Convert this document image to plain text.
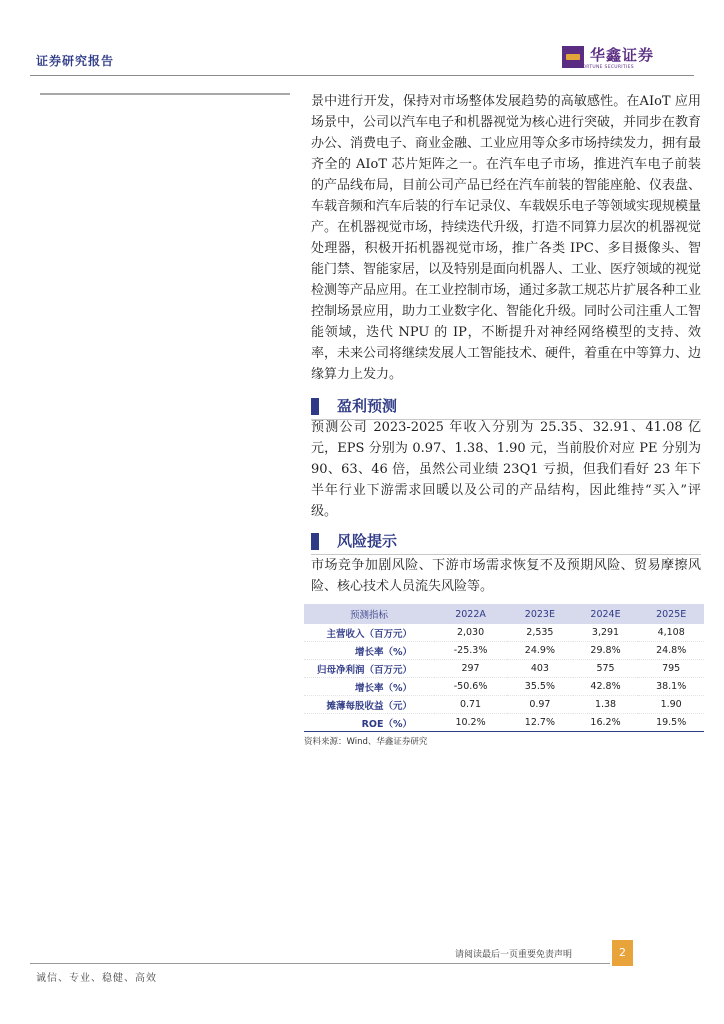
证券研究报告	华鑫证券
CHINA FORTUNE SECURITIES
景中进行开发，保持对市场整体发展趋势的高敏感性。在AIoT 应用场景中，公司以汽车电子和机器视觉为核心进行突破，并同步在教育办公、消费电子、商业金融、工业应用等众多市场持续发力，拥有最齐全的 AIoT 芯片矩阵之一。在汽车电子市场，推进汽车电子前装的产品线布局，目前公司产品已经在汽车前装的智能座舱、仪表盘、车载音频和汽车后装的行车记录仪、车载娱乐电子等领域实现规模量产。在机器视觉市场，持续迭代升级，打造不同算力层次的机器视觉处理器，积极开拓机器视觉市场，推广各类 IPC、多目摄像头、智能门禁、智能家居，以及特别是面向机器人、工业、医疗领域的视觉检测等产品应用。在工业控制市场，通过多款工规芯片扩展各种工业控制场景应用，助力工业数字化、智能化升级。同时公司注重人工智能领域，迭代 NPU 的 IP，不断提升对神经网络模型的支持、效率，未来公司将继续发展人工智能技术、硬件，着重在中等算力、边缘算力上发力。
盈利预测
预测公司 2023-2025 年收入分别为 25.35、32.91、41.08 亿元，EPS 分别为 0.97、1.38、1.90 元，当前股价对应 PE 分别为 90、63、46 倍，虽然公司业绩 23Q1 亏损，但我们看好 23 年下半年行业下游需求回暖以及公司的产品结构，因此维持“买入”评级。
风险提示
市场竞争加剧风险、下游市场需求恢复不及预期风险、贸易摩擦风险、核心技术人员流失风险等。
预测指标	2022A	2023E	2024E	2025E
主营收入（百万元）	2,030	2,535	3,291	4,108
增长率（%）	-25.3%	24.9%	29.8%	24.8%
归母净利润（百万元）	297	403	575	795
增长率（%）	-50.6%	35.5%	42.8%	38.1%
摊薄每股收益（元）	0.71	0.97	1.38	1.90
ROE（%）	10.2%	12.7%	16.2%	19.5%
资料来源：Wind、华鑫证券研究
请阅读最后一页重要免责声明	2
诚信、专业、稳健、高效
